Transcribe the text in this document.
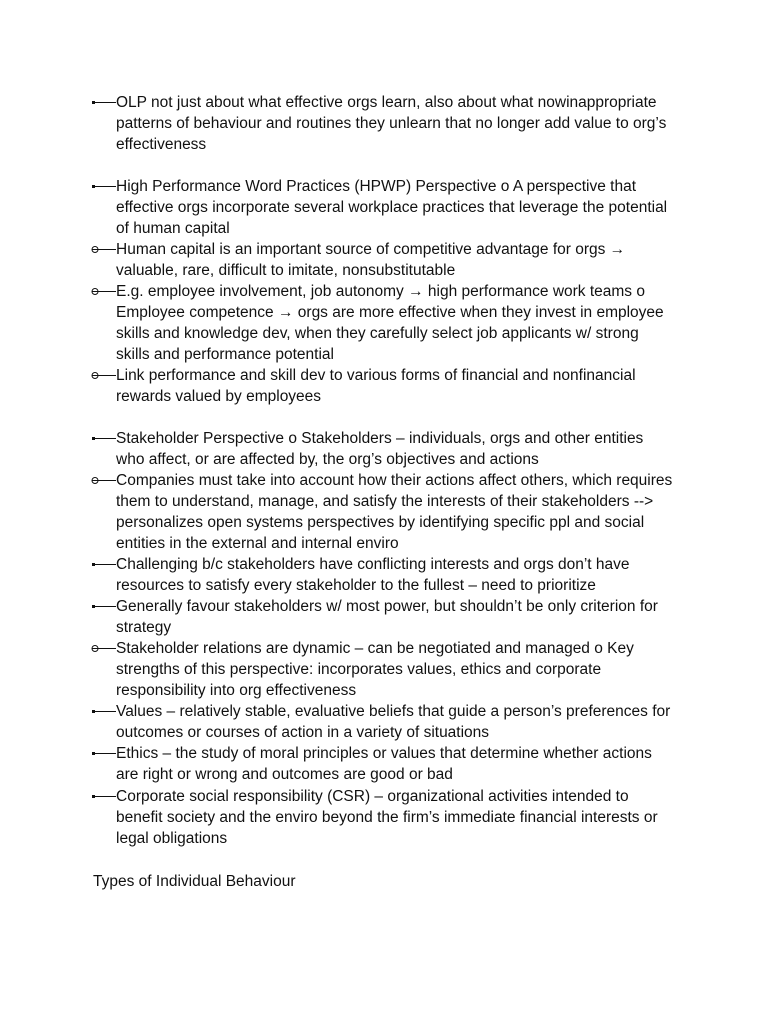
OLP not just about what effective orgs learn, also about what nowinappropriate
patterns of behaviour and routines they unlearn that no longer add value to org’s
effectiveness
High Performance Word Practices (HPWP) Perspective o A perspective that
effective orgs incorporate several workplace practices that leverage the potential
of human capital
Human capital is an important source of competitive advantage for orgs →
valuable, rare, difficult to imitate, nonsubstitutable
E.g. employee involvement, job autonomy → high performance work teams o
Employee competence → orgs are more effective when they invest in employee
skills and knowledge dev, when they carefully select job applicants w/ strong
skills and performance potential
Link performance and skill dev to various forms of financial and nonfinancial
rewards valued by employees
Stakeholder Perspective o Stakeholders – individuals, orgs and other entities
who affect, or are affected by, the org’s objectives and actions
Companies must take into account how their actions affect others, which requires
them to understand, manage, and satisfy the interests of their stakeholders -->
personalizes open systems perspectives by identifying specific ppl and social
entities in the external and internal enviro
Challenging b/c stakeholders have conflicting interests and orgs don’t have
resources to satisfy every stakeholder to the fullest – need to prioritize
Generally favour stakeholders w/ most power, but shouldn’t be only criterion for
strategy
Stakeholder relations are dynamic – can be negotiated and managed o Key
strengths of this perspective: incorporates values, ethics and corporate
responsibility into org effectiveness
Values – relatively stable, evaluative beliefs that guide a person’s preferences for
outcomes or courses of action in a variety of situations
Ethics – the study of moral principles or values that determine whether actions
are right or wrong and outcomes are good or bad
Corporate social responsibility (CSR) – organizational activities intended to
benefit society and the enviro beyond the firm’s immediate financial interests or
legal obligations
Types of Individual Behaviour
